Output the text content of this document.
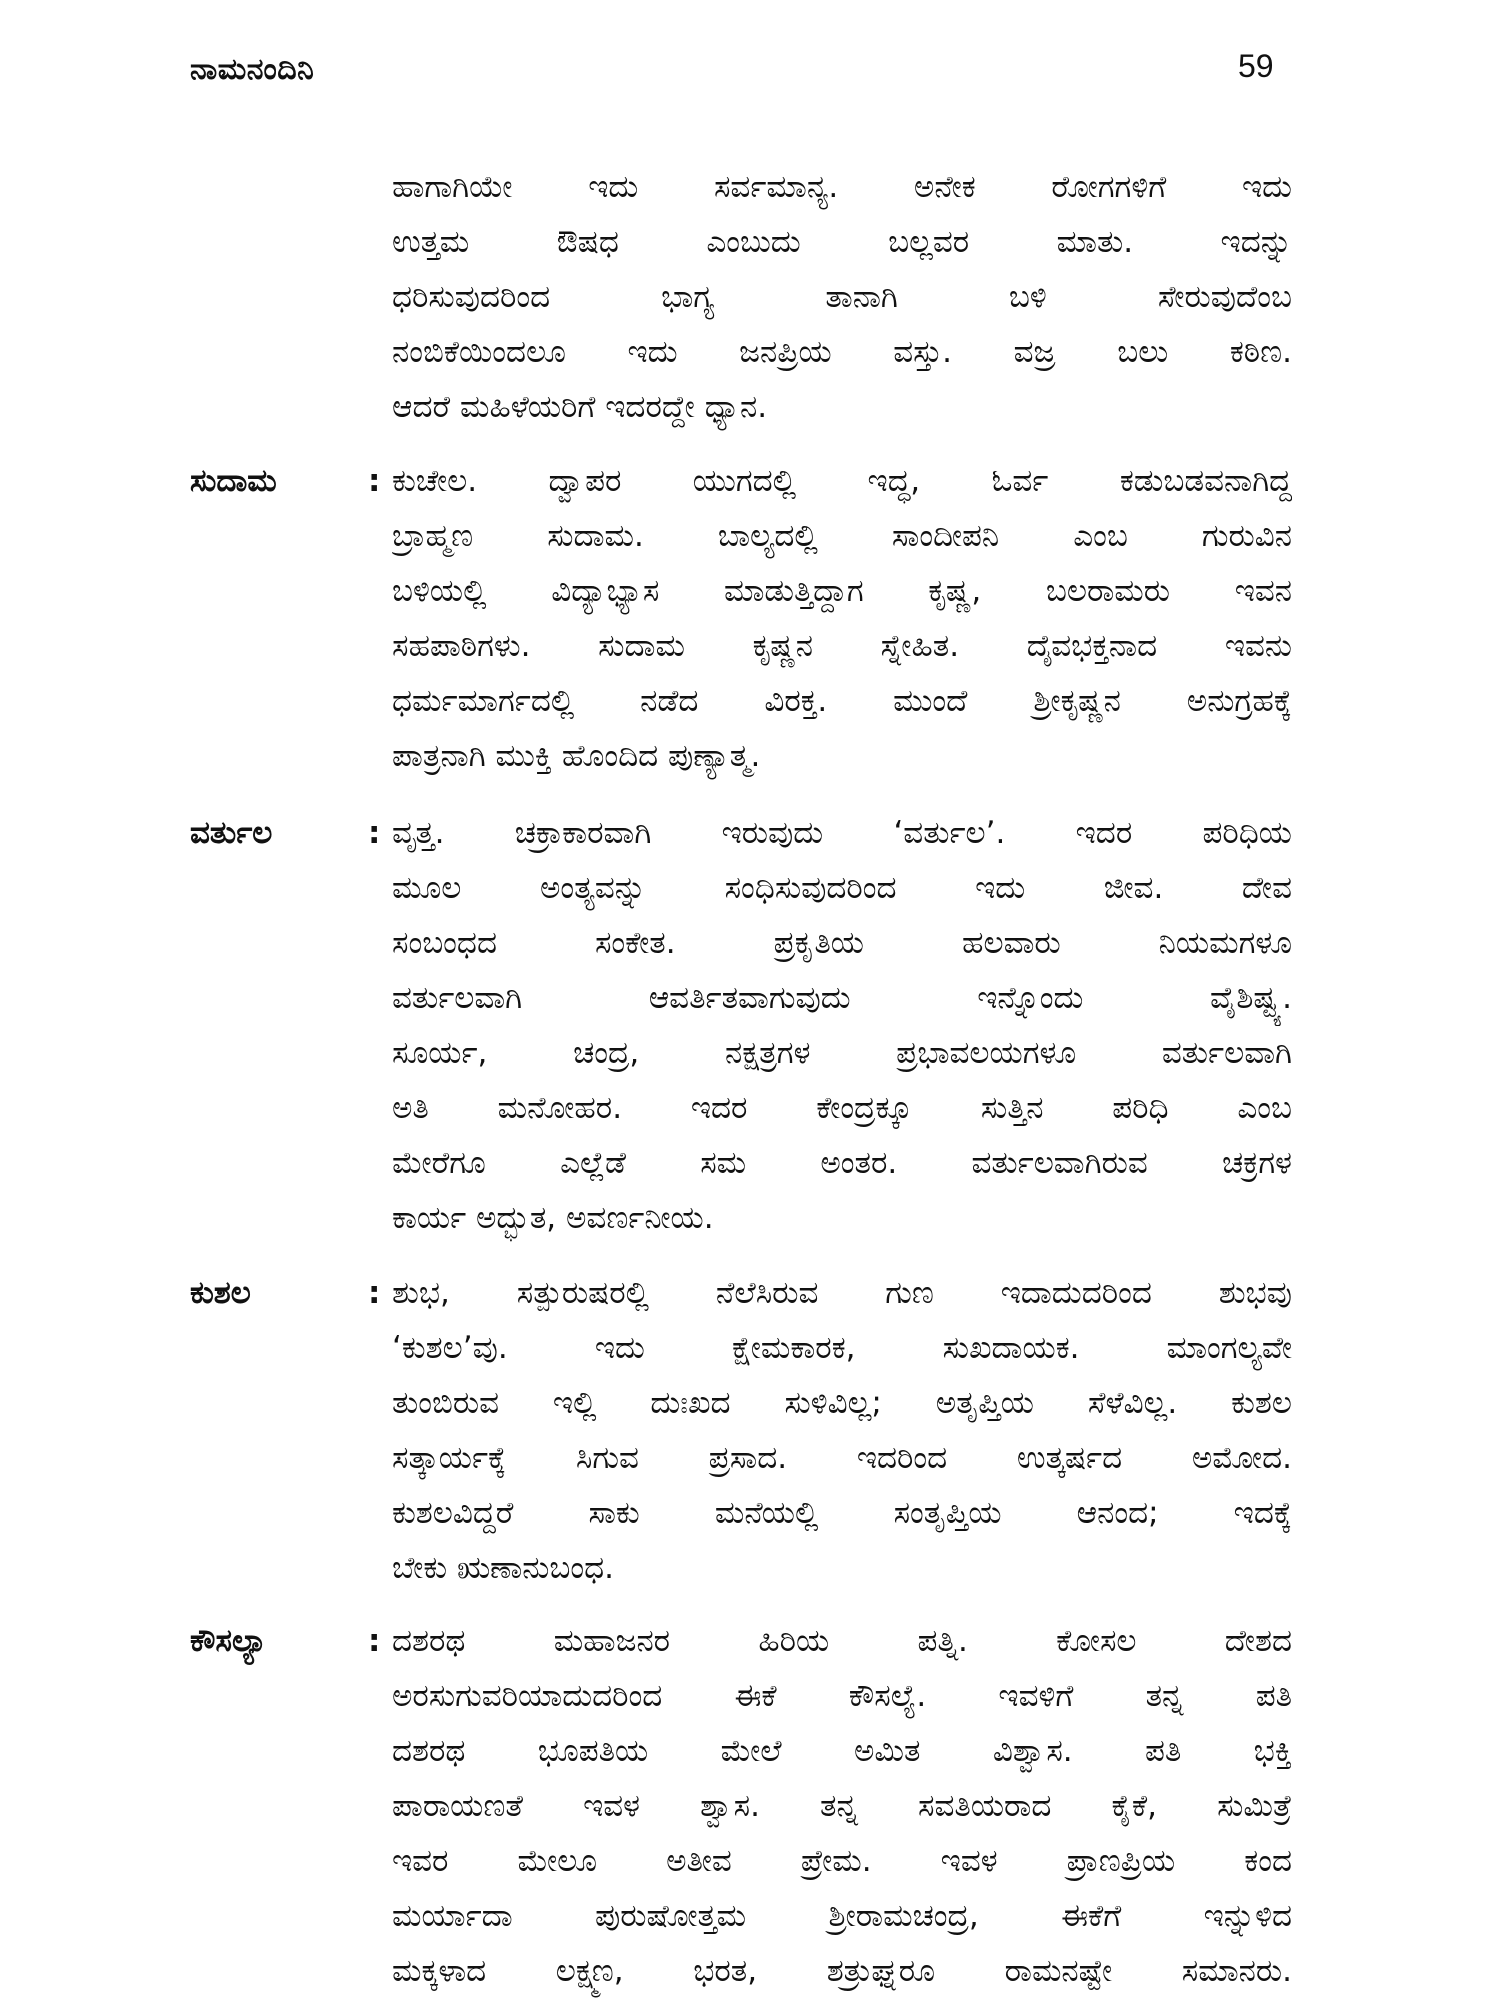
ನಾಮನಂದಿನಿ	59
ಹಾಗಾಗಿಯೇ ಇದು ಸರ್ವಮಾನ್ಯ. ಅನೇಕ ರೋಗಗಳಿಗೆ ಇದು
ಉತ್ತಮ ಔಷಧ ಎಂಬುದು ಬಲ್ಲವರ ಮಾತು. ಇದನ್ನು
ಧರಿಸುವುದರಿಂದ ಭಾಗ್ಯ ತಾನಾಗಿ ಬಳಿ ಸೇರುವುದೆಂಬ
ನಂಬಿಕೆಯಿಂದಲೂ ಇದು ಜನಪ್ರಿಯ ವಸ್ತು. ವಜ್ರ ಬಲು ಕಠಿಣ.
ಆದರೆ ಮಹಿಳೆಯರಿಗೆ ಇದರದ್ದೇ ಧ್ಯಾನ.
ಸುದಾಮ	: ಕುಚೇಲ. ದ್ವಾಪರ ಯುಗದಲ್ಲಿ ಇದ್ಧ, ಓರ್ವ ಕಡುಬಡವನಾಗಿದ್ದ
ಬ್ರಾಹ್ಮಣ ಸುದಾಮ. ಬಾಲ್ಯದಲ್ಲಿ ಸಾಂದೀಪನಿ ಎಂಬ ಗುರುವಿನ
ಬಳಿಯಲ್ಲಿ ವಿದ್ಯಾಭ್ಯಾಸ ಮಾಡುತ್ತಿದ್ದಾಗ ಕೃಷ್ಣ, ಬಲರಾಮರು ಇವನ
ಸಹಪಾಠಿಗಳು. ಸುದಾಮ ಕೃಷ್ಣನ ಸ್ನೇಹಿತ. ದೈವಭಕ್ತನಾದ ಇವನು
ಧರ್ಮಮಾರ್ಗದಲ್ಲಿ ನಡೆದ ವಿರಕ್ತ. ಮುಂದೆ ಶ್ರೀಕೃಷ್ಣನ ಅನುಗ್ರಹಕ್ಕೆ
ಪಾತ್ರನಾಗಿ ಮುಕ್ತಿ ಹೊಂದಿದ ಪುಣ್ಯಾತ್ಮ.
ವರ್ತುಲ	: ವೃತ್ತ. ಚಕ್ರಾಕಾರವಾಗಿ ಇರುವುದು ‘ವರ್ತುಲ’. ಇದರ ಪರಿಧಿಯ
ಮೂಲ ಅಂತ್ಯವನ್ನು ಸಂಧಿಸುವುದರಿಂದ ಇದು ಜೀವ. ದೇವ
ಸಂಬಂಧದ ಸಂಕೇತ. ಪ್ರಕೃತಿಯ ಹಲವಾರು ನಿಯಮಗಳೂ
ವರ್ತುಲವಾಗಿ ಆವರ್ತಿತವಾಗುವುದು ಇನ್ನೊಂದು ವೈಶಿಷ್ಟ್ಯ.
ಸೂರ್ಯ, ಚಂದ್ರ, ನಕ್ಷತ್ರಗಳ ಪ್ರಭಾವಲಯಗಳೂ ವರ್ತುಲವಾಗಿ
ಅತಿ ಮನೋಹರ. ಇದರ ಕೇಂದ್ರಕ್ಕೂ ಸುತ್ತಿನ ಪರಿಧಿ ಎಂಬ
ಮೇರೆಗೂ ಎಲ್ಲೆಡೆ ಸಮ ಅಂತರ. ವರ್ತುಲವಾಗಿರುವ ಚಕ್ರಗಳ
ಕಾರ್ಯ ಅದ್ಭುತ, ಅವರ್ಣನೀಯ.
ಕುಶಲ	: ಶುಭ, ಸತ್ಪುರುಷರಲ್ಲಿ ನೆಲೆಸಿರುವ ಗುಣ ಇದಾದುದರಿಂದ ಶುಭವು
‘ಕುಶಲ’ವು. ಇದು ಕ್ಷೇಮಕಾರಕ, ಸುಖದಾಯಕ. ಮಾಂಗಲ್ಯವೇ
ತುಂಬಿರುವ ಇಲ್ಲಿ ದುಃಖದ ಸುಳಿವಿಲ್ಲ; ಅತೃಪ್ತಿಯ ಸೆಳೆವಿಲ್ಲ. ಕುಶಲ
ಸತ್ಕಾರ್ಯಕ್ಕೆ ಸಿಗುವ ಪ್ರಸಾದ. ಇದರಿಂದ ಉತ್ಕರ್ಷದ ಅಮೋದ.
ಕುಶಲವಿದ್ದರೆ ಸಾಕು ಮನೆಯಲ್ಲಿ ಸಂತೃಪ್ತಿಯ ಆನಂದ; ಇದಕ್ಕೆ
ಬೇಕು ಋಣಾನುಬಂಧ.
ಕೌಸಲ್ಯಾ	: ದಶರಥ ಮಹಾಜನರ ಹಿರಿಯ ಪತ್ನಿ. ಕೋಸಲ ದೇಶದ
ಅರಸುಗುವರಿಯಾದುದರಿಂದ ಈಕೆ ಕೌಸಲ್ಯೆ. ಇವಳಿಗೆ ತನ್ನ ಪತಿ
ದಶರಥ ಭೂಪತಿಯ ಮೇಲೆ ಅಮಿತ ವಿಶ್ವಾಸ. ಪತಿ ಭಕ್ತಿ
ಪಾರಾಯಣತೆ ಇವಳ ಶ್ವಾಸ. ತನ್ನ ಸವತಿಯರಾದ ಕೈಕೆ, ಸುಮಿತ್ರೆ
ಇವರ ಮೇಲೂ ಅತೀವ ಪ್ರೇಮ. ಇವಳ ಪ್ರಾಣಪ್ರಿಯ ಕಂದ
ಮರ್ಯಾದಾ ಪುರುಷೋತ್ತಮ ಶ್ರೀರಾಮಚಂದ್ರ, ಈಕೆಗೆ ಇನ್ನುಳಿದ
ಮಕ್ಕಳಾದ ಲಕ್ಷ್ಮಣ, ಭರತ, ಶತ್ರುಘ್ನರೂ ರಾಮನಷ್ಟೇ ಸಮಾನರು.
